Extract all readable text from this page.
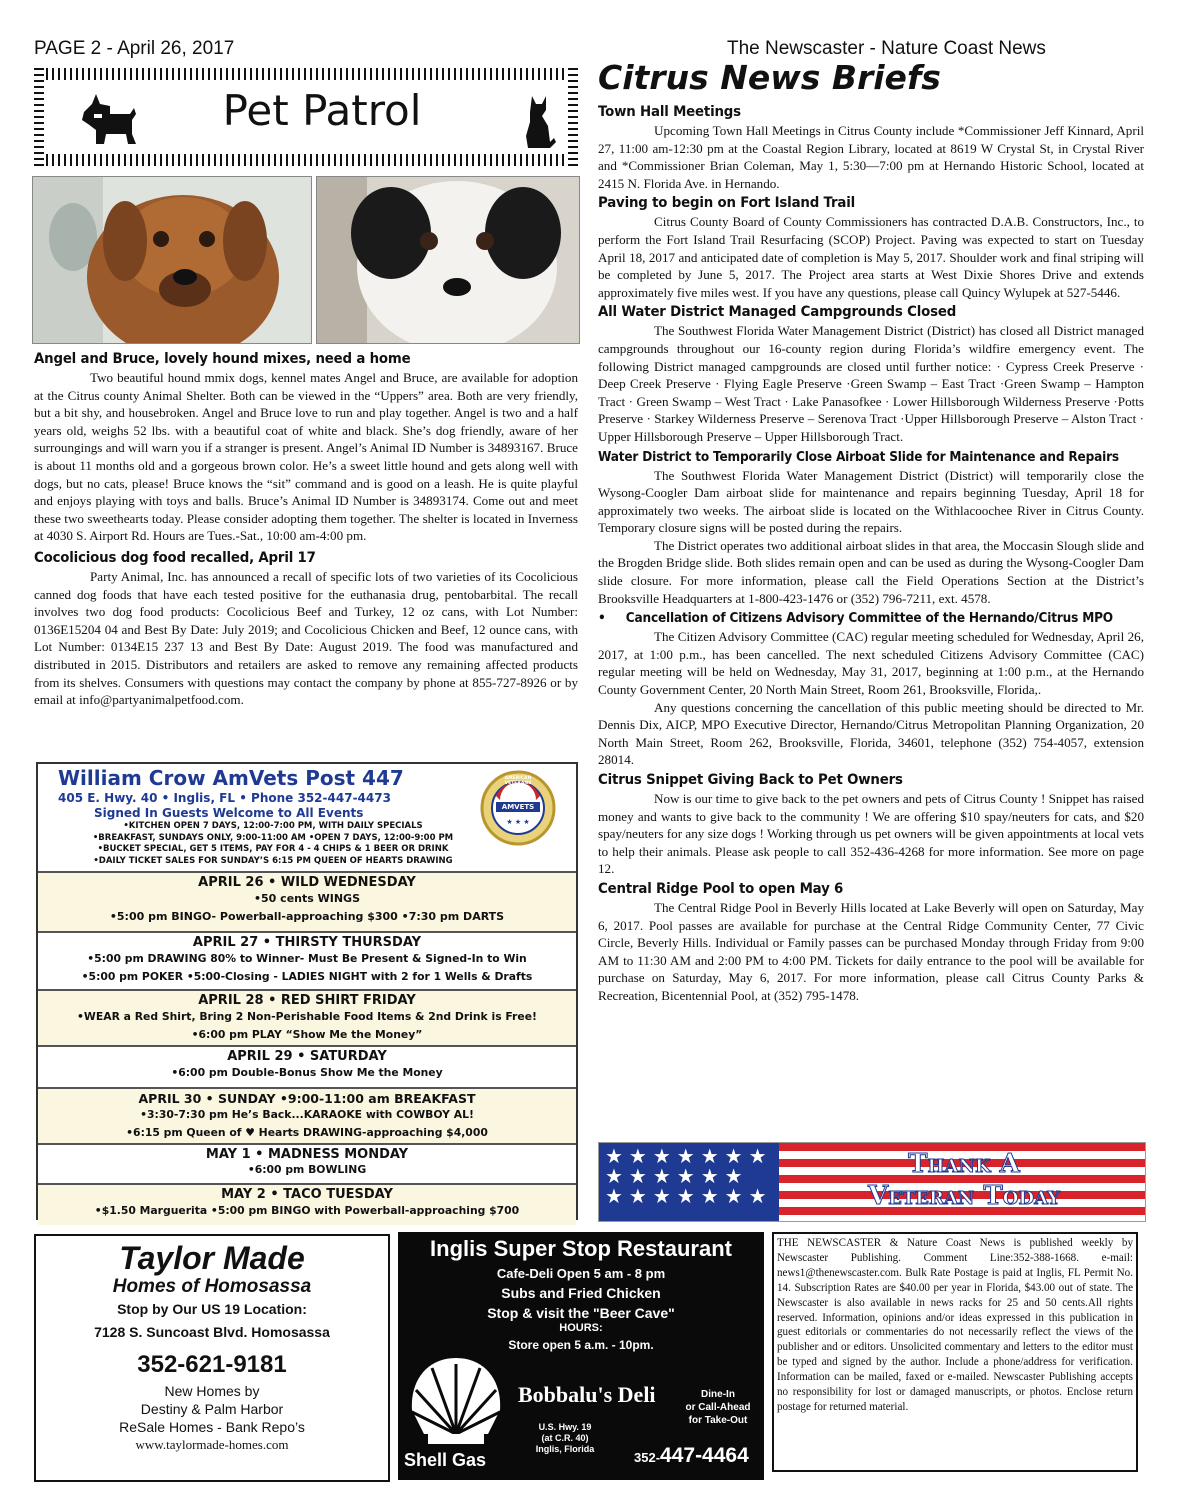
PAGE 2 - April 26, 2017	The Newscaster - Nature Coast News
Pet Patrol
Angel and Bruce, lovely hound mixes, need a home

Two beautiful hound mmix dogs, kennel mates Angel and Bruce, are available for adoption at the Citrus county Animal Shelter. Both can be viewed in the “Uppers” area. Both are very friendly, but a bit shy, and housebroken. Angel and Bruce love to run and play together. Angel is two and a half years old, weighs 52 lbs. with a beautiful coat of white and black. She’s dog friendly, aware of her surroungings and will warn you if a stranger is present. Angel’s Animal ID Number is 34893167. Bruce is about 11 months old and a gorgeous brown color. He’s a sweet little hound and gets along well with dogs, but no cats, please! Bruce knows the “sit” command and is good on a leash. He is quite playful and enjoys playing with toys and balls. Bruce’s Animal ID Number is 34893174. Come out and meet these two sweethearts today. Please consider adopting them together. The shelter is located in Inverness at 4030 S. Airport Rd. Hours are Tues.-Sat., 10:00 am-4:00 pm.

Cocolicious dog food recalled, April 17

Party Animal, Inc. has announced a recall of specific lots of two varieties of its Cocolicious canned dog foods that have each tested positive for the euthanasia drug, pentobarbital. The recall involves two dog food products: Cocolicious Beef and Turkey, 12 oz cans, with Lot Number: 0136E15204 04 and Best By Date: July 2019; and Cocolicious Chicken and Beef, 12 ounce cans, with Lot Number: 0134E15 237 13 and Best By Date: August 2019. The food was manufactured and distributed in 2015. Distributors and retailers are asked to remove any remaining affected products from its shelves. Consumers with questions may contact the company by phone at 855-727-8926 or by email at info@partyanimalpetfood.com.

William Crow AmVets Post 447
405 E. Hwy. 40 • Inglis, FL • Phone 352-447-4473
Signed In Guests Welcome to All Events
•KITCHEN OPEN 7 DAYS, 12:00-7:00 PM, WITH DAILY SPECIALS
•BREAKFAST, SUNDAYS ONLY, 9:00-11:00 AM •OPEN 7 DAYS, 12:00-9:00 PM
•BUCKET SPECIAL, GET 5 ITEMS, PAY FOR 4 - 4 CHIPS & 1 BEER OR DRINK
•DAILY TICKET SALES FOR SUNDAY’S 6:15 PM QUEEN OF HEARTS DRAWING
★ ★ ★
AMERICAN VETERANS
AMVETS
APRIL 26 • WILD WEDNESDAY
•50 cents WINGS
•5:00 pm BINGO- Powerball-approaching $300 •7:30 pm DARTS
APRIL 27 • THIRSTY THURSDAY
•5:00 pm DRAWING 80% to Winner- Must Be Present & Signed-In to Win
•5:00 pm POKER •5:00-Closing - LADIES NIGHT with 2 for 1 Wells & Drafts
APRIL 28 • RED SHIRT FRIDAY
•WEAR a Red Shirt, Bring 2 Non-Perishable Food Items & 2nd Drink is Free!
•6:00 pm PLAY “Show Me the Money”
APRIL 29 • SATURDAY
•6:00 pm Double-Bonus Show Me the Money
APRIL 30 • SUNDAY •9:00-11:00 am BREAKFAST
•3:30-7:30 pm He’s Back...KARAOKE with COWBOY AL!
•6:15 pm Queen of ♥ Hearts DRAWING-approaching $4,000
MAY 1 • MADNESS MONDAY
•6:00 pm BOWLING
MAY 2 • TACO TUESDAY
•$1.50 Marguerita •5:00 pm BINGO with Powerball-approaching $700
Citrus News Briefs
Town Hall Meetings

Upcoming Town Hall Meetings in Citrus County include *Commissioner Jeff Kinnard, April 27, 11:00 am-12:30 pm at the Coastal Region Library, located at 8619 W Crystal St, in Crystal River and *Commissioner Brian Coleman, May 1, 5:30—7:00 pm at Hernando Historic School, located at 2415 N. Florida Ave. in Hernando.

Paving to begin on Fort Island Trail

Citrus County Board of County Commissioners has contracted D.A.B. Constructors, Inc., to perform the Fort Island Trail Resurfacing (SCOP) Project. Paving was expected to start on Tuesday April 18, 2017 and anticipated date of completion is May 5, 2017. Shoulder work and final striping will be completed by June 5, 2017. The Project area starts at West Dixie Shores Drive and extends approximately five miles west. If you have any questions, please call Quincy Wylupek at 527-5446.

All Water District Managed Campgrounds Closed

The Southwest Florida Water Management District (District) has closed all District managed campgrounds throughout our 16-county region during Florida’s wildfire emergency event. The following District managed campgrounds are closed until further notice: · Cypress Creek Preserve · Deep Creek Preserve · Flying Eagle Preserve ·Green Swamp – East Tract ·Green Swamp – Hampton Tract · Green Swamp – West Tract · Lake Panasofkee · Lower Hillsborough Wilderness Preserve ·Potts Preserve · Starkey Wilderness Preserve – Serenova Tract ·Upper Hillsborough Preserve – Alston Tract · Upper Hillsborough Preserve – Upper Hillsborough Tract.

Water District to Temporarily Close Airboat Slide for Maintenance and Repairs

The Southwest Florida Water Management District (District) will temporarily close the Wysong-Coogler Dam airboat slide for maintenance and repairs beginning Tuesday, April 18 for approximately two weeks. The airboat slide is located on the Withlacoochee River in Citrus County. Temporary closure signs will be posted during the repairs.

The District operates two additional airboat slides in that area, the Moccasin Slough slide and the Brogden Bridge slide. Both slides remain open and can be used as during the Wysong-Coogler Dam slide closure. For more information, please call the Field Operations Section at the District’s Brooksville Headquarters at 1-800-423-1476 or (352) 796-7211, ext. 4578.

•     Cancellation of Citizens Advisory Committee of the Hernando/Citrus MPO

The Citizen Advisory Committee (CAC) regular meeting scheduled for Wednesday, April 26, 2017, at 1:00 p.m., has been cancelled. The next scheduled Citizens Advisory Committee (CAC) regular meeting will be held on Wednesday, May 31, 2017, beginning at 1:00 p.m., at the Hernando County Government Center, 20 North Main Street, Room 261, Brooksville, Florida,.

Any questions concerning the cancellation of this public meeting should be directed to Mr. Dennis Dix, AICP, MPO Executive Director, Hernando/Citrus Metropolitan Planning Organization, 20 North Main Street, Room 262, Brooksville, Florida, 34601, telephone (352) 754-4057, extension 28014.

Citrus Snippet Giving Back to Pet Owners

Now is our time to give back to the pet owners and pets of Citrus County ! Snippet has raised money and wants to give back to the community ! We are offering $10 spay/neuters for cats, and $20 spay/neuters for any size dogs ! Working through us pet owners will be given appointments at local vets to help their animals. Please ask people to call 352-436-4268 for more information. See more on page 12.

Central Ridge Pool to open May 6

The Central Ridge Pool in Beverly Hills located at Lake Beverly will open on Saturday, May 6, 2017. Pool passes are available for purchase at the Central Ridge Community Center, 77 Civic Circle, Beverly Hills. Individual or Family passes can be purchased Monday through Friday from 9:00 AM to 11:30 AM and 2:00 PM to 4:00 PM. Tickets for daily entrance to the pool will be available for purchase on Saturday, May 6, 2017. For more information, please call Citrus County Parks & Recreation, Bicentennial Pool, at (352) 795-1478.

★★★★★★★
★★★★★★
★★★★★★★
Thank A
Veteran Today
Taylor Made
Homes of Homosassa
Stop by Our US 19 Location:
7128 S. Suncoast Blvd. Homosassa
352-621-9181
New Homes by
Destiny & Palm Harbor
ReSale Homes - Bank Repo’s
www.taylormade-homes.com
Inglis Super Stop Restaurant
Cafe-Deli Open 5 am - 8 pm
Subs and Fried Chicken
Stop & visit the "Beer Cave"
HOURS:
Store open 5 a.m. - 10pm.
Bobbalu's Deli	Dine-In
or Call-Ahead
for Take-Out
U.S. Hwy. 19
(at C.R. 40)
Inglis, Florida
Shell Gas	352-447-4464
THE NEWSCASTER & Nature Coast News is published weekly by Newscaster Publishing. Comment Line:352-388-1668. e-mail: news1@thenewscaster.com. Bulk Rate Postage is paid at Inglis, FL Permit No. 14. Subscription Rates are $40.00 per year in Florida, $43.00 out of state. The Newscaster is also available in news racks for 25 and 50 cents.All rights reserved. Information, opinions and/or ideas expressed in this publication in guest editorials or commentaries do not necessarily reflect the views of the publisher and or editors. Unsolicited commentary and letters to the editor must be typed and signed by the author. Include a phone/address for verification. Information can be mailed, faxed or e-mailed. Newscaster Publishing accepts no responsibility for lost or damaged manuscripts, or photos. Enclose return postage for returned material.
